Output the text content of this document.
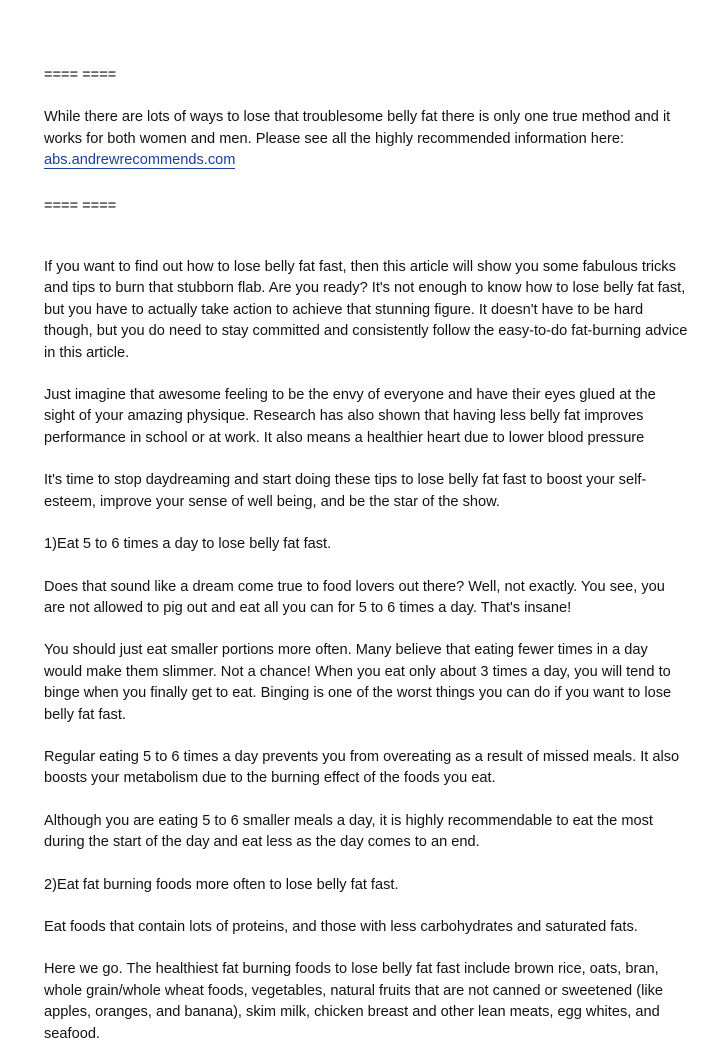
==== ====

While there are lots of ways to lose that troublesome belly fat there is only one true method and it works for both women and men. Please see all the highly recommended information here: abs.andrewrecommends.com

==== ====

If you want to find out how to lose belly fat fast, then this article will show you some fabulous tricks and tips to burn that stubborn flab. Are you ready? It's not enough to know how to lose belly fat fast, but you have to actually take action to achieve that stunning figure. It doesn't have to be hard though, but you do need to stay committed and consistently follow the easy-to-do fat-burning advice in this article.

Just imagine that awesome feeling to be the envy of everyone and have their eyes glued at the sight of your amazing physique. Research has also shown that having less belly fat improves performance in school or at work. It also means a healthier heart due to lower blood pressure

It's time to stop daydreaming and start doing these tips to lose belly fat fast to boost your self-esteem, improve your sense of well being, and be the star of the show.

1)Eat 5 to 6 times a day to lose belly fat fast.

Does that sound like a dream come true to food lovers out there? Well, not exactly. You see, you are not allowed to pig out and eat all you can for 5 to 6 times a day. That's insane!

You should just eat smaller portions more often. Many believe that eating fewer times in a day would make them slimmer. Not a chance! When you eat only about 3 times a day, you will tend to binge when you finally get to eat. Binging is one of the worst things you can do if you want to lose belly fat fast.

Regular eating 5 to 6 times a day prevents you from overeating as a result of missed meals. It also boosts your metabolism due to the burning effect of the foods you eat.

Although you are eating 5 to 6 smaller meals a day, it is highly recommendable to eat the most during the start of the day and eat less as the day comes to an end.

2)Eat fat burning foods more often to lose belly fat fast.

Eat foods that contain lots of proteins, and those with less carbohydrates and saturated fats.

Here we go. The healthiest fat burning foods to lose belly fat fast include brown rice, oats, bran, whole grain/whole wheat foods, vegetables, natural fruits that are not canned or sweetened (like apples, oranges, and banana), skim milk, chicken breast and other lean meats, egg whites, and seafood.
